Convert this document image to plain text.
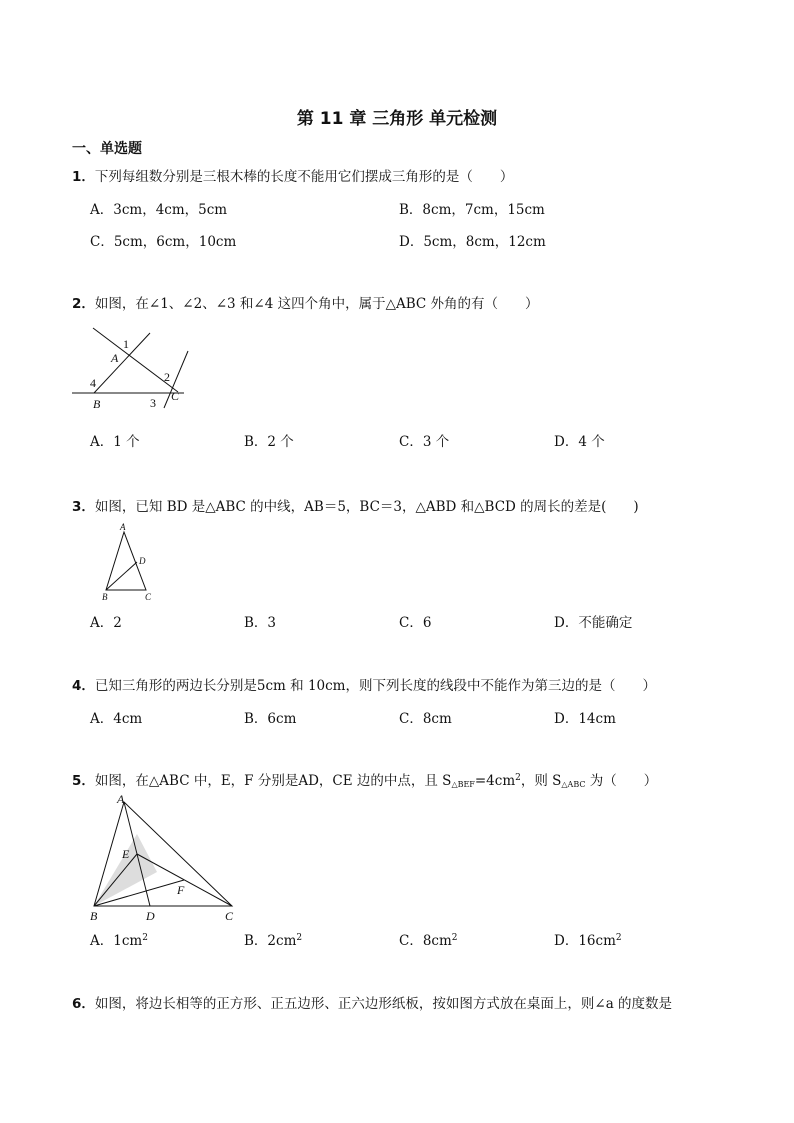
第 11 章 三角形 单元检测
一、单选题
1．下列每组数分别是三根木棒的长度不能用它们摆成三角形的是（　　）
A．3cm，4cm，5cm	B．8cm，7cm，15cm
C．5cm，6cm，10cm	D．5cm，8cm，12cm
2．如图，在∠1、∠2、∠3 和∠4 这四个角中，属于△ABC 外角的有（　　）
A
B
C
1
2
3
4
A．1 个	B．2 个	C．3 个	D．4 个
3．如图，已知 BD 是△ABC 的中线，AB＝5，BC＝3，△ABD 和△BCD 的周长的差是(　　)
A
B	C
D
A．2	B．3	C．6	D．不能确定
4．已知三角形的两边长分别是5cm 和 10cm，则下列长度的线段中不能作为第三边的是（　　）
A．4cm	B．6cm	C．8cm	D．14cm
5．如图，在△ABC 中，E，F 分别是AD，CE 边的中点，且 $S_{\triangle BEF}=4cm^2$，则 $S_{\triangle ABC}$ 为（　　）
A
B	C
D
E
F
A．$1cm^2$	B．$2cm^2$	C．$8cm^2$	D．$16cm^2$
6．如图，将边长相等的正方形、正五边形、正六边形纸板，按如图方式放在桌面上，则∠a 的度数是
